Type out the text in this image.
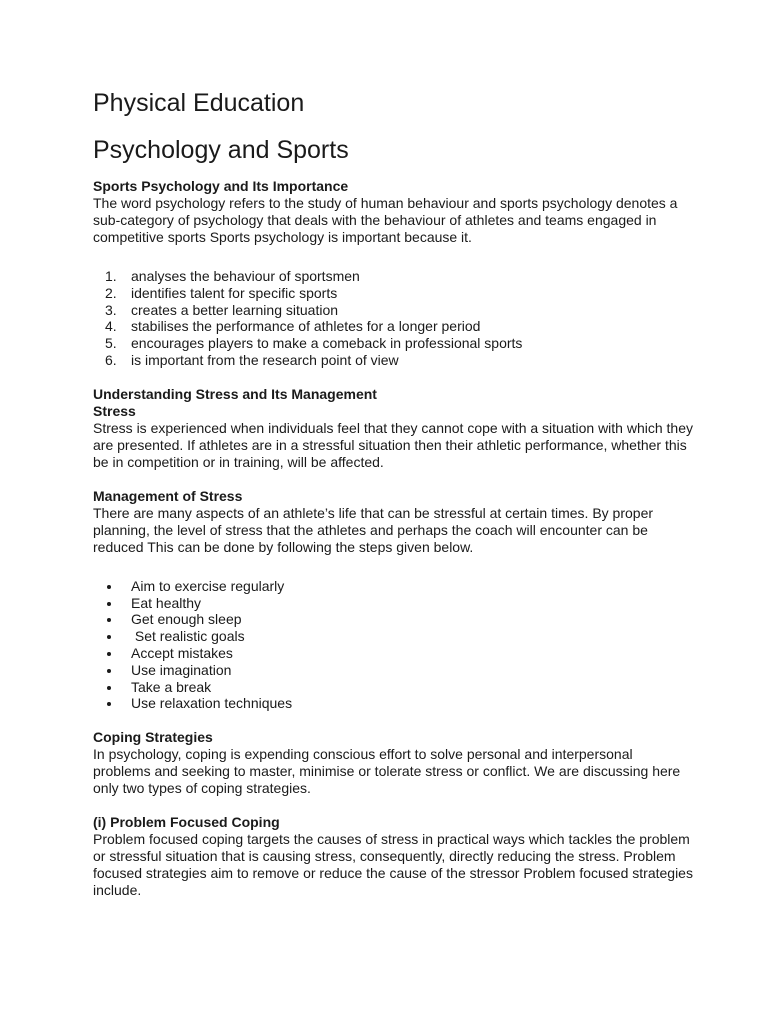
Physical Education
Psychology and Sports

Sports Psychology and Its Importance

The word psychology refers to the study of human behaviour and sports psychology denotes a sub-category of psychology that deals with the behaviour of athletes and teams engaged in competitive sports Sports psychology is important because it.

1. analyses the behaviour of sportsmen
2. identifies talent for specific sports
3. creates a better learning situation
4. stabilises the performance of athletes for a longer period
5. encourages players to make a comeback in professional sports
6. is important from the research point of view

Understanding Stress and Its Management

Stress

Stress is experienced when individuals feel that they cannot cope with a situation with which they are presented. If athletes are in a stressful situation then their athletic performance, whether this be in competition or in training, will be affected.

Management of Stress

There are many aspects of an athlete’s life that can be stressful at certain times. By proper planning, the level of stress that the athletes and perhaps the coach will encounter can be reduced This can be done by following the steps given below.

Aim to exercise regularly
Eat healthy
Get enough sleep
Set realistic goals
Accept mistakes
Use imagination
Take a break
Use relaxation techniques

Coping Strategies

In psychology, coping is expending conscious effort to solve personal and interpersonal problems and seeking to master, minimise or tolerate stress or conflict. We are discussing here only two types of coping strategies.

(i) Problem Focused Coping

Problem focused coping targets the causes of stress in practical ways which tackles the problem or stressful situation that is causing stress, consequently, directly reducing the stress. Problem focused strategies aim to remove or reduce the cause of the stressor Problem focused strategies include.
